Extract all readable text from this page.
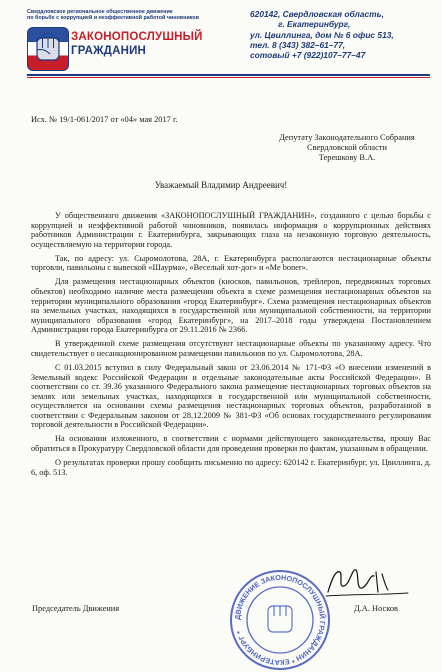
Свердловское региональное общественное движение
по борьбе с коррупцией и неэффективной работой чиновников
ЗАКОНОПОСЛУШНЫЙ
ГРАЖДАНИН
620142, Свердловская область,
г. Екатеринбург,
ул. Цвиллинга, дом № 6 офис 513,
тел. 8 (343) 382–61–77,
сотовый +7 (922)107–77–47
Исх. № 19/1-061/2017 от «04» мая 2017 г.
Депутату Законодательного Собрания
Свердловской области
Терешкову В.А.
Уважаемый Владимир Андреевич!

У общественного движения «ЗАКОНОПОСЛУШНЫЙ ГРАЖДАНИН», созданного с целью борьбы с коррупцией и неэффективной работой чиновников, появилась информация о коррупционных действиях работников Администрации г. Екатеринбурга, закрывающих глаза на незаконную торговую деятельность, осуществляемую на территории города.

Так, по адресу: ул. Сыромолотова, 28А, г. Екатеринбурга располагаются нестационарные объекты торговли, павильоны с вывеской «Шаурма», «Веселый хот-дог» и «Me boner».

Для размещения нестационарных объектов (киосков, павильонов, трейлеров, передвижных торговых объектов) необходимо наличие места размещения объекта в схеме размещения нестационарных объектов на территории муниципального образования «город Екатеринбург». Схема размещения нестационарных объектов на земельных участках, находящихся в государственной или муниципальной собственности, на территории муниципального образования «город Екатеринбург», на 2017–2018 годы утверждена Постановлением Администрации города Екатеринбурга от 29.11.2016 № 2366.

В утвержденной схеме размещения отсутствуют нестационарные объекты по указанному адресу. Что свидетельствует о несанкционированном размещении павильонов по ул. Сыромолотова, 28А.

С 01.03.2015 вступил в силу Федеральный закон от 23.06.2014 № 171-ФЗ «О внесении изменений в Земельный кодекс Российской Федерации и отдельные законодательные акты Российской Федерации». В соответствии со ст. 39.36 указанного Федерального закона размещение нестационарных торговых объектов на землях или земельных участках, находящихся в государственной или муниципальной собственности, осуществляется на основании схемы размещения нестационарных торговых объектов, разработанной в соответствии с Федеральным законом от 28.12.2009 № 381-ФЗ «Об основах государственного регулирования торговой деятельности в Российской Федерации».

На основании изложенного, в соответствии с нормами действующего законодательства, прошу Вас обратиться в Прокуратуру Свердловской области для проведения проверки по фактам, указанным в обращении.

О результатах проверки прошу сообщить письменно по адресу: 620142 г. Екатеринбург, ул. Цвиллинга, д. 6, оф. 513.

ДВИЖЕНИЕ ЗАКОНОПОСЛУШНЫЙ ГРАЖДАНИН * ЕКАТЕРИНБУРГ *
Председатель Движения	Д.А. Носков
